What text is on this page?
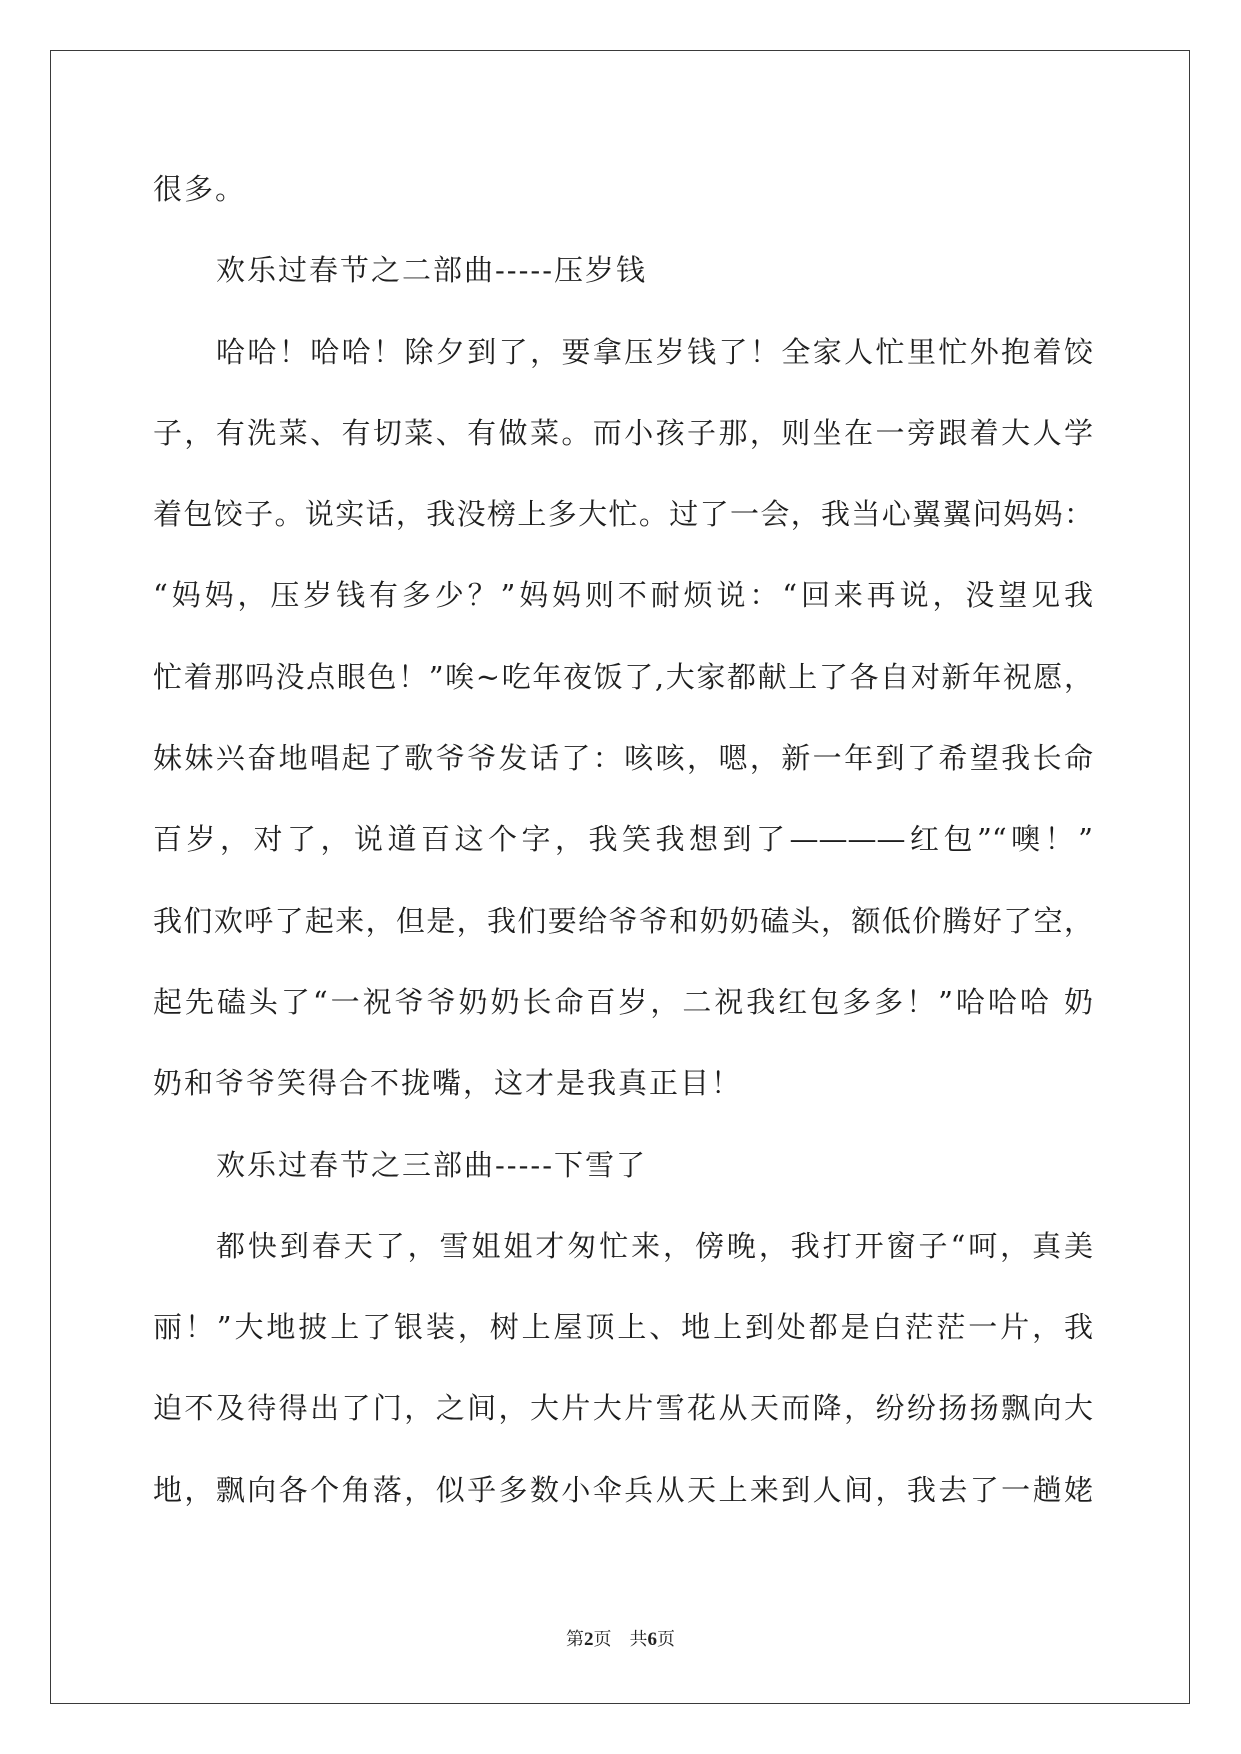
很多。
欢乐过春节之二部曲-----压岁钱
哈哈！哈哈！除夕到了，要拿压岁钱了！全家人忙里忙外抱着饺
子，有洗菜、有切菜、有做菜。而小孩子那，则坐在一旁跟着大人学
着包饺子。说实话，我没榜上多大忙。过了一会，我当心翼翼问妈妈：
“妈妈，压岁钱有多少？”妈妈则不耐烦说：“回来再说，没望见我
忙着那吗没点眼色！”唉~吃年夜饭了,大家都献上了各自对新年祝愿，
妹妹兴奋地唱起了歌爷爷发话了：咳咳，嗯，新一年到了希望我长命
百岁，对了，说道百这个字，我笑我想到了————红包”“噢！”
我们欢呼了起来，但是，我们要给爷爷和奶奶磕头，额低价腾好了空，
起先磕头了“一祝爷爷奶奶长命百岁，二祝我红包多多！”哈哈哈 奶
奶和爷爷笑得合不拢嘴，这才是我真正目！
欢乐过春节之三部曲-----下雪了
都快到春天了，雪姐姐才匆忙来，傍晚，我打开窗子“呵，真美
丽！”大地披上了银装，树上屋顶上、地上到处都是白茫茫一片，我
迫不及待得出了门，之间，大片大片雪花从天而降，纷纷扬扬飘向大
地，飘向各个角落，似乎多数小伞兵从天上来到人间，我去了一趟姥
第2页 共6页
